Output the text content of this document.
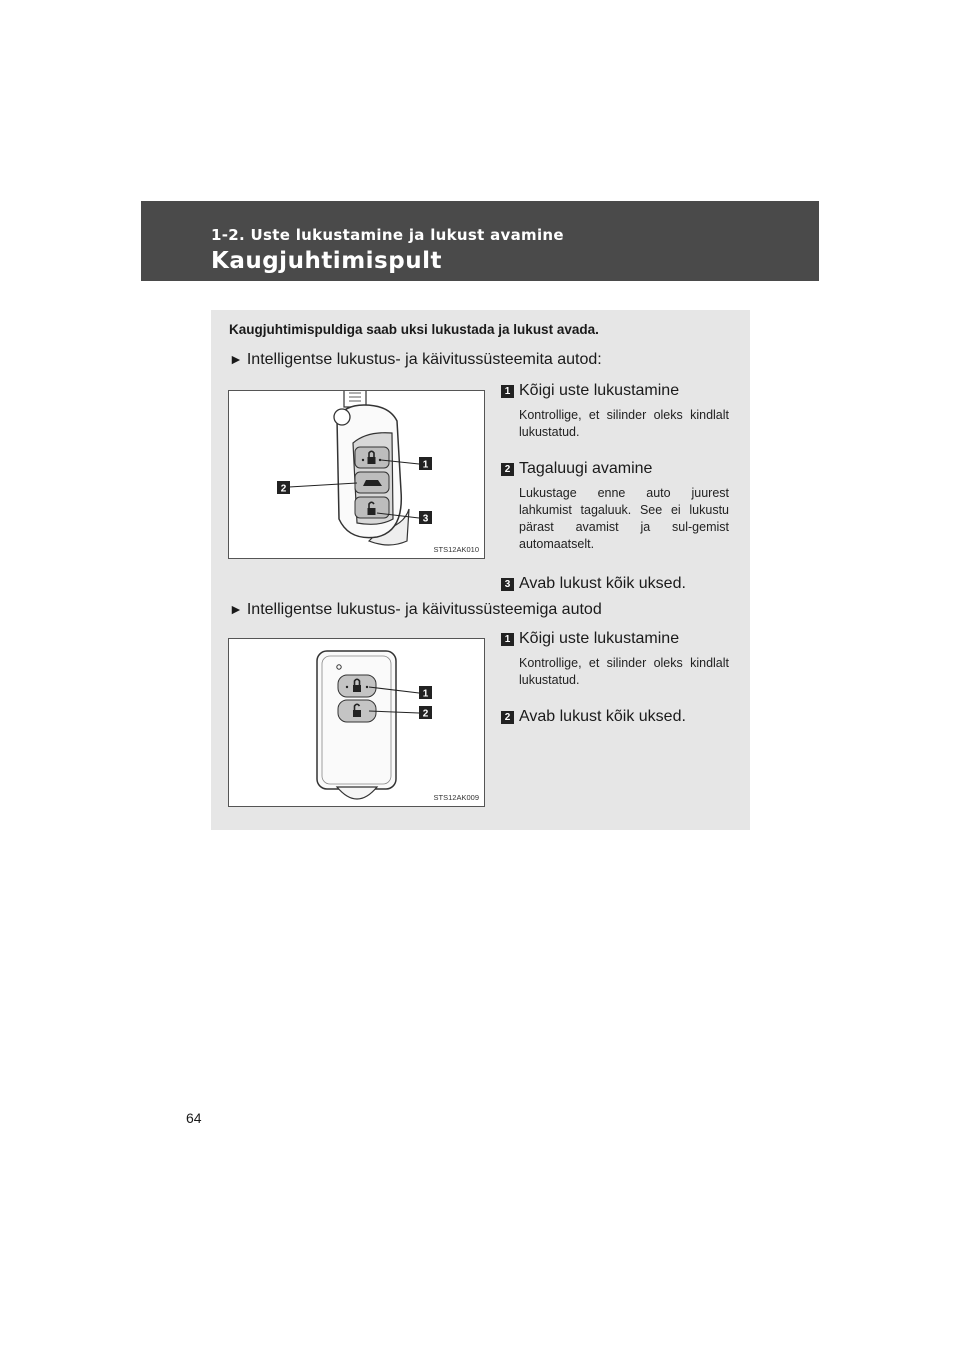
1-2. Uste lukustamine ja lukust avamine
Kaugjuhtimispult
Kaugjuhtimispuldiga saab uksi lukustada ja lukust avada.
► Intelligentse lukustus- ja käivitussüsteemita autod:
1
2
3
STS12AK010
1 Kõigi uste lukustamine
Kontrollige, et silinder oleks kindlalt lukustatud.
2 Tagaluugi avamine
Lukustage enne auto juurest lahkumist tagaluuk. See ei lukustu pärast avamist ja sul-gemist automaatselt.
3 Avab lukust kõik uksed.
► Intelligentse lukustus- ja käivitussüsteemiga autod
1
2
STS12AK009
1 Kõigi uste lukustamine
Kontrollige, et silinder oleks kindlalt lukustatud.
2 Avab lukust kõik uksed.
64
